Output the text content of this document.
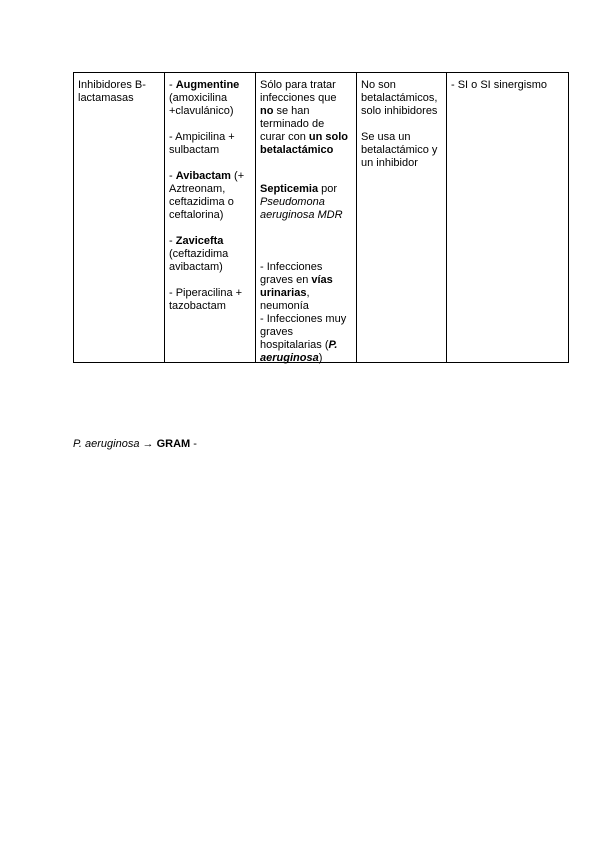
Inhibidores B-lactamasas

- Augmentine
(amoxicilina +clavulánico)

- Ampicilina + sulbactam

- Avibactam (+ Aztreonam, ceftazidima o ceftalorina)

- Zavicefta
(ceftazidima avibactam)

- Piperacilina + tazobactam

Sólo para tratar infecciones que no se han terminado de curar con un solo betalactámico

Septicemia por Pseudomona aeruginosa MDR

- Infecciones graves en vías urinarias, neumonía

- Infecciones muy graves hospitalarias (P. aeruginosa)

No son betalactámicos, solo inhibidores

Se usa un betalactámico y un inhibidor

- SI o SI sinergismo

P. aeruginosa → GRAM -
